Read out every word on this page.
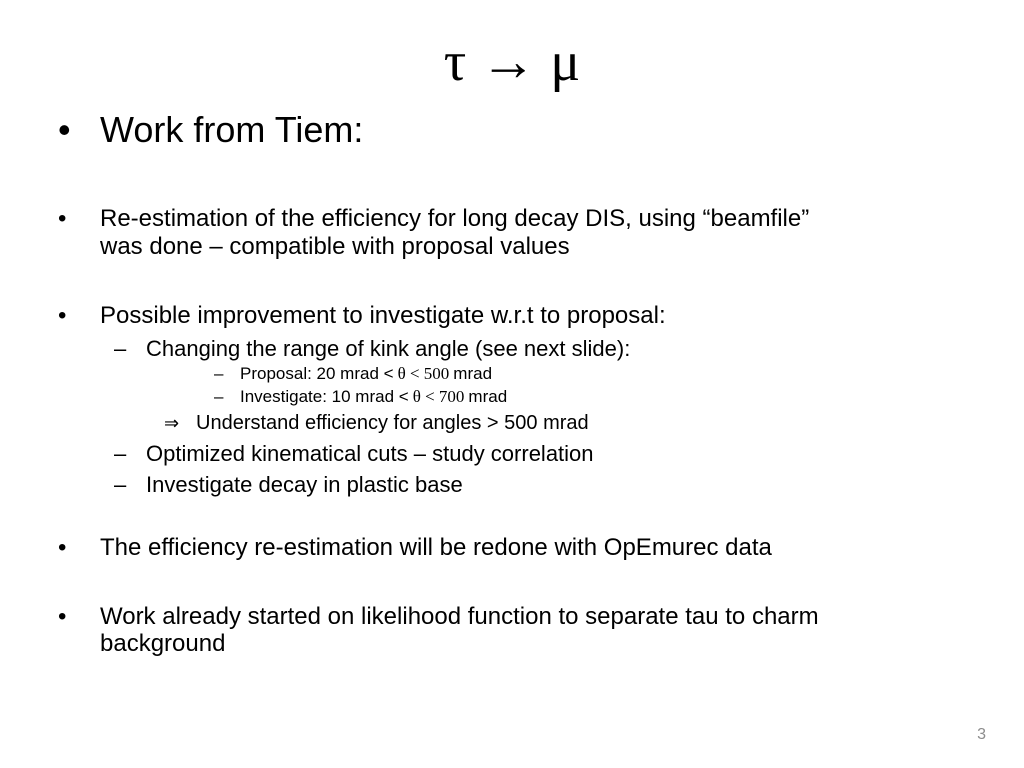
τ → μ
• Work from Tiem:
•	Re-estimation of the efficiency for long decay DIS, using “beamfile”
was done – compatible with proposal values
•	Possible improvement to investigate w.r.t to proposal:
– Changing the range of kink angle (see next slide):
– Proposal: 20 mrad < θ < 500 mrad
– Investigate: 10 mrad < θ < 700 mrad
⇒ Understand efficiency for angles > 500 mrad
– Optimized kinematical cuts – study correlation
– Investigate decay in plastic base
•	The efficiency re-estimation will be redone with OpEmurec data
•	Work already started on likelihood function to separate tau to charm
background
3
